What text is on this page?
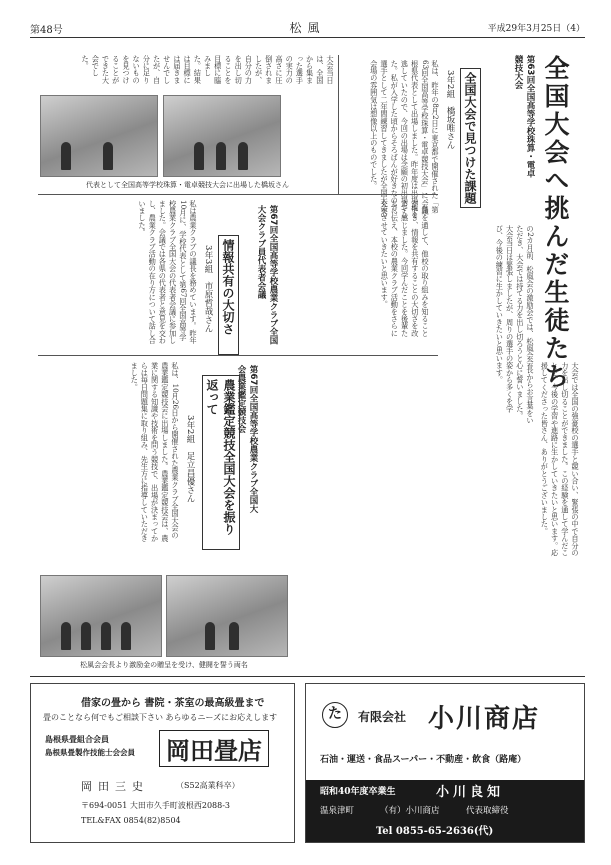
第48号	松風	平成29年3月25日（4）
全国大会へ挑んだ生徒たち
第63回全国高等学校珠算・電卓競技大会
全国大会で見つけた課題
3年2組　橋坂唯さん
私は、昨年の8月2日に東京都で開催された「第63回全国高等学校珠算・電卓競技大会」に、島根県代表として出場しました。昨年度は出場権を逃していたので、今回の出場は念願の初出場でした。私が入学した頃からそろばんが好きなので、選手として二年間練習してきましたが全国大会の会場の雰囲気は想像以上のものでした。
大会当日は、全国から集まった選手の実力の高さに圧倒されましたが、自分の力を出し切ることを目標に臨みました。結果は目標には届きませんでしたが、自分に足りないものを見つけることができた大会でした。
の2カ月前、松風会の激励会では、松風会会長からお言葉をいただき、大会では持てる力を出し切ろうと心に誓いました。大会当日は緊張しましたが、周りの選手の姿から多くを学び、今後の練習に生かしていきたいと思います。
代表として全国高等学校珠算・電卓競技大会に出場した橋坂さん
第67回全国高等学校農業クラブ全国大会クラブ員代表者会議
情報共有の大切さ
3年3組　市原哲哉さん
私は農業クラブの議長を務めています。昨年10月に、学校代表として第67回全国高等学校農業クラブ全国大会の代表者会議に参加しました。会議では各県の代表者と意見を交わし、農業クラブ活動の在り方について話し合いました。	会議を通して、他校の取り組みを知ることができ、情報を共有することの大切さを改めて感じました。今回学んだことを後輩たちに伝え、本校の農業クラブ活動をさらに充実させていきたいと思います。
第67回全国高等学校農業クラブ全国大会農業鑑定競技会
農業鑑定競技全国大会を振り返って
3年2組　足立昌優さん
私は、10月26日から開催された農業クラブ全国大会の農業鑑定競技会に出場しました。農業鑑定競技会は、農業に関する知識や技術を問う競技で、出場が決まってからは毎日問題集に取り組み、先生方に指導していただきました。	大会では全国の強豪校の選手と競い合い、緊張の中で自分の力を出し切ることができました。この経験を通して学んだことを、今後の学習や進路に生かしていきたいと思います。応援してくださった皆さん、ありがとうございました。
松風会会長より激励金の贈呈を受け、健闘を誓う両名
借家の畳から 書院・茶室の最高級畳まで
畳のことなら何でもご相談下さい あらゆるニーズにお応えします
島根県畳組合会員
島根県畳製作技能士会会員 岡田畳店
岡田三史	（S52高業科卒）
〒694-0051 大田市久手町波根西2088-3
TEL&FAX 0854(82)8504
た	有限会社 小川商店
石油・運送・食品スーパー・不動産・飲食（路庵）
昭和40年度卒業生	小川良知
温泉津町	（有）小川商店	代表取締役
Tel 0855-65-2636(代)
